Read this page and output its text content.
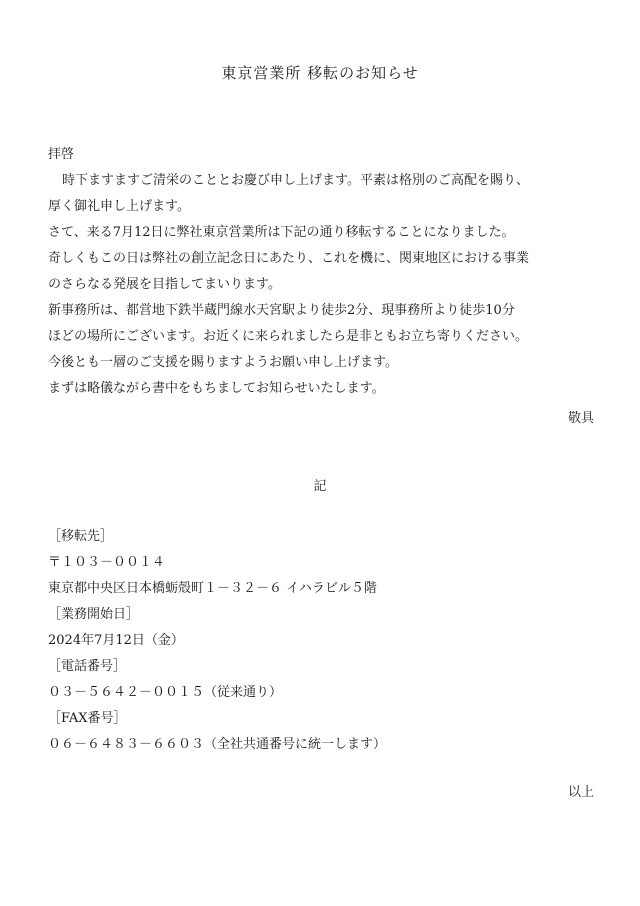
東京営業所 移転のお知らせ
拝啓
時下ますますご清栄のこととお慶び申し上げます。平素は格別のご高配を賜り、
厚く御礼申し上げます。
さて、来る7月12日に弊社東京営業所は下記の通り移転することになりました。
奇しくもこの日は弊社の創立記念日にあたり、これを機に、関東地区における事業
のさらなる発展を目指してまいります。
新事務所は、都営地下鉄半蔵門線水天宮駅より徒歩2分、現事務所より徒歩10分
ほどの場所にございます。お近くに来られましたら是非ともお立ち寄りください。
今後とも一層のご支援を賜りますようお願い申し上げます。
まずは略儀ながら書中をもちましてお知らせいたします。
敬具
記
［移転先］
〒１０３－００１４
東京都中央区日本橋蛎殻町１－３２－６ イハラビル５階
［業務開始日］
2024年7月12日（金）
［電話番号］
０３－５６４２－００１５（従来通り）
［FAX番号］
０６－６４８３－６６０３（全社共通番号に統一します）
以上
